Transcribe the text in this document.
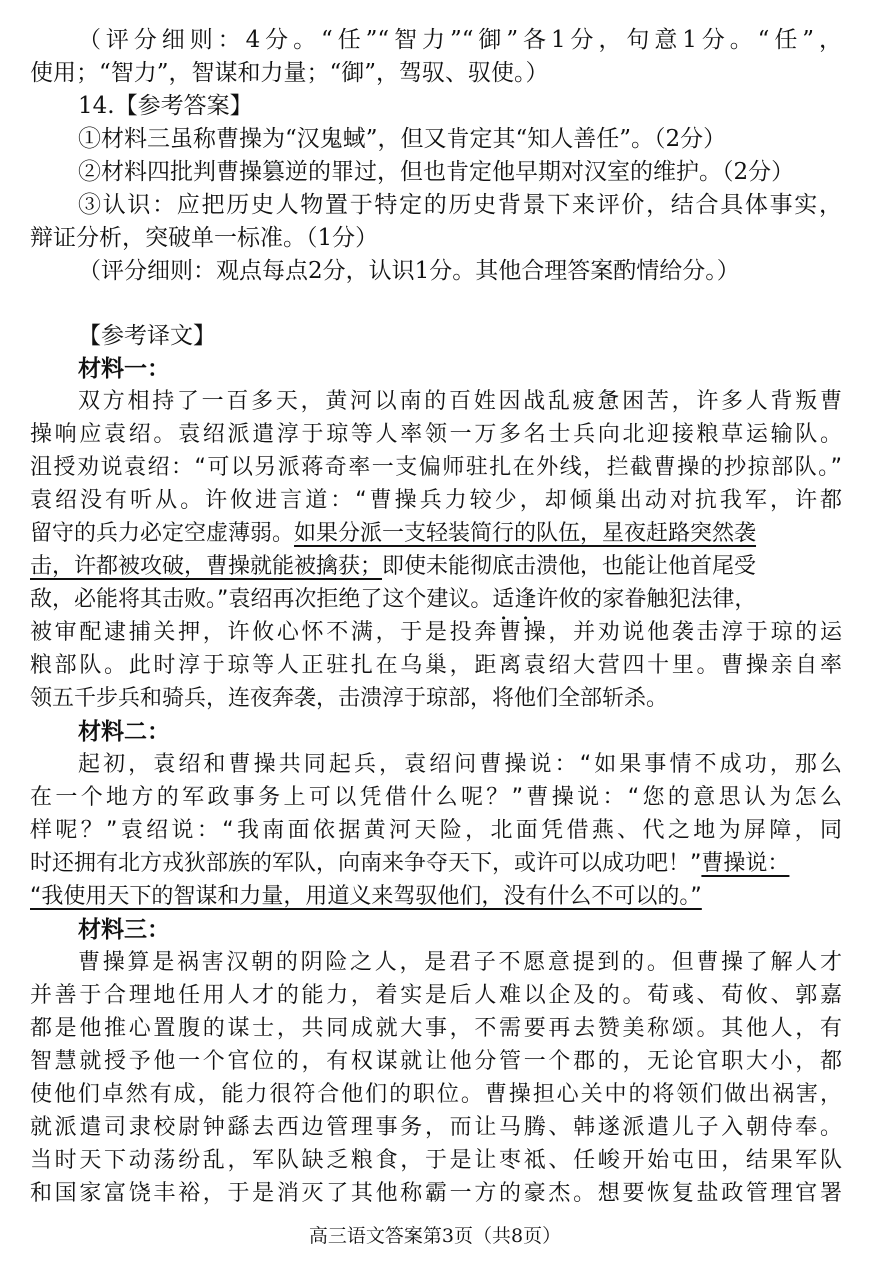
（评分细则：4分。“任”“智力”“御”各1分，句意1分。“任”，
使用；“智力”，智谋和力量；“御”，驾驭、驭使。）
14.【参考答案】
①材料三虽称曹操为“汉鬼蜮”，但又肯定其“知人善任”。（2分）
②材料四批判曹操篡逆的罪过，但也肯定他早期对汉室的维护。（2分）
③认识：应把历史人物置于特定的历史背景下来评价，结合具体事实，
辩证分析，突破单一标准。（1分）
（评分细则：观点每点2分，认识1分。其他合理答案酌情给分。）
【参考译文】
材料一：
双方相持了一百多天，黄河以南的百姓因战乱疲惫困苦，许多人背叛曹
操响应袁绍。袁绍派遣淳于琼等人率领一万多名士兵向北迎接粮草运输队。
沮授劝说袁绍：“可以另派蒋奇率一支偏师驻扎在外线，拦截曹操的抄掠部队。”
袁绍没有听从。许攸进言道：“曹操兵力较少，却倾巢出动对抗我军，许都
留守的兵力必定空虚薄弱。如果分派一支轻装简行的队伍，星夜赶路突然袭
击，许都被攻破，曹操就能被擒获；即使未能彻底击溃他，也能让他首尾受
敌，必能将其击败。”袁绍再次拒绝了这个建议。适逢许攸的家眷触犯法律，
被审配逮捕关押，许攸心怀不满，于是投奔曹操，并劝说他袭击淳于琼的运
粮部队。此时淳于琼等人正驻扎在乌巢，距离袁绍大营四十里。曹操亲自率
领五千步兵和骑兵，连夜奔袭，击溃淳于琼部，将他们全部斩杀。
材料二：
起初，袁绍和曹操共同起兵，袁绍问曹操说：“如果事情不成功，那么
在一个地方的军政事务上可以凭借什么呢？”曹操说：“您的意思认为怎么
样呢？”袁绍说：“我南面依据黄河天险，北面凭借燕、代之地为屏障，同
时还拥有北方戎狄部族的军队，向南来争夺天下，或许可以成功吧！”曹操说：
“我使用天下的智谋和力量，用道义来驾驭他们，没有什么不可以的。”
材料三：
曹操算是祸害汉朝的阴险之人，是君子不愿意提到的。但曹操了解人才
并善于合理地任用人才的能力，着实是后人难以企及的。荀彧、荀攸、郭嘉
都是他推心置腹的谋士，共同成就大事，不需要再去赞美称颂。其他人，有
智慧就授予他一个官位的，有权谋就让他分管一个郡的，无论官职大小，都
使他们卓然有成，能力很符合他们的职位。曹操担心关中的将领们做出祸害，
就派遣司隶校尉钟繇去西边管理事务，而让马腾、韩遂派遣儿子入朝侍奉。
当时天下动荡纷乱，军队缺乏粮食，于是让枣祗、任峻开始屯田，结果军队
和国家富饶丰裕，于是消灭了其他称霸一方的豪杰。想要恢复盐政管理官署
高三语文答案第3页（共8页）
